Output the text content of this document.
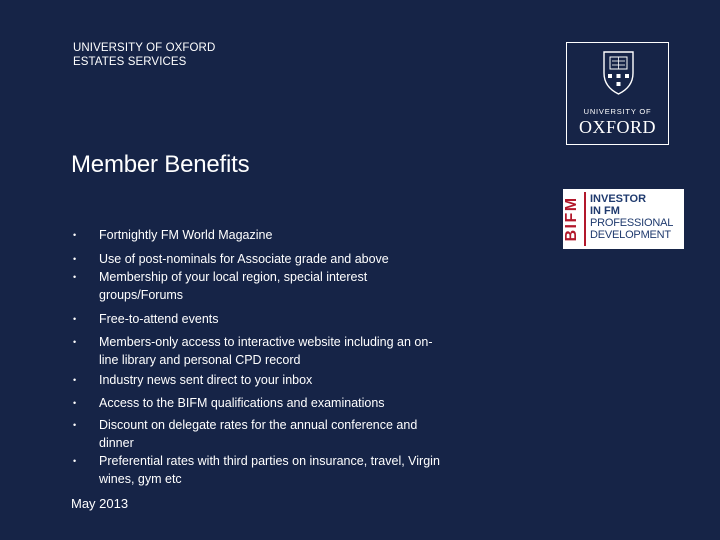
UNIVERSITY OF OXFORD
ESTATES SERVICES
Member Benefits
UNIVERSITY OF
OXFORD
BIFM INVESTOR
IN FM
PROFESSIONAL
DEVELOPMENT
• Fortnightly FM World Magazine
• Use of post-nominals for Associate grade and above
• Membership of your local region, special interest groups/Forums
• Free-to-attend events
• Members-only access to interactive website including an on-line library and personal CPD record
• Industry news sent direct to your inbox
• Access to the BIFM qualifications and examinations
• Discount on delegate rates for the annual conference and dinner
• Preferential rates with third parties on insurance, travel, Virgin wines, gym etc
May 2013
